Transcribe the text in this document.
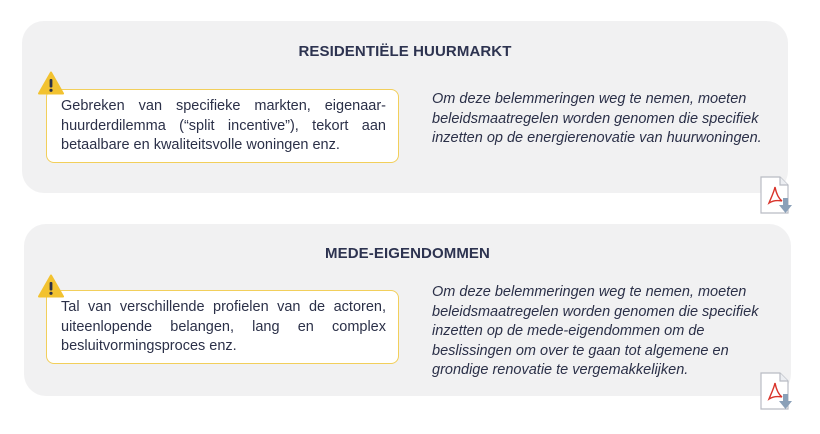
RESIDENTIËLE HUURMARKT
Gebreken van specifieke markten, eigenaar-huurderdilemma (“split incentive”), tekort aan betaalbare en kwaliteitsvolle woningen enz.
Om deze belemmeringen weg te nemen, moeten beleidsmaatregelen worden genomen die specifiek inzetten op de energierenovatie van huurwoningen.
MEDE-EIGENDOMMEN
Tal van verschillende profielen van de actoren, uiteenlopende belangen, lang en complex besluitvormingsproces enz.
Om deze belemmeringen weg te nemen, moeten beleidsmaatregelen worden genomen die specifiek inzetten op de mede-eigendommen om de beslissingen om over te gaan tot algemene en grondige renovatie te vergemakkelijken.
